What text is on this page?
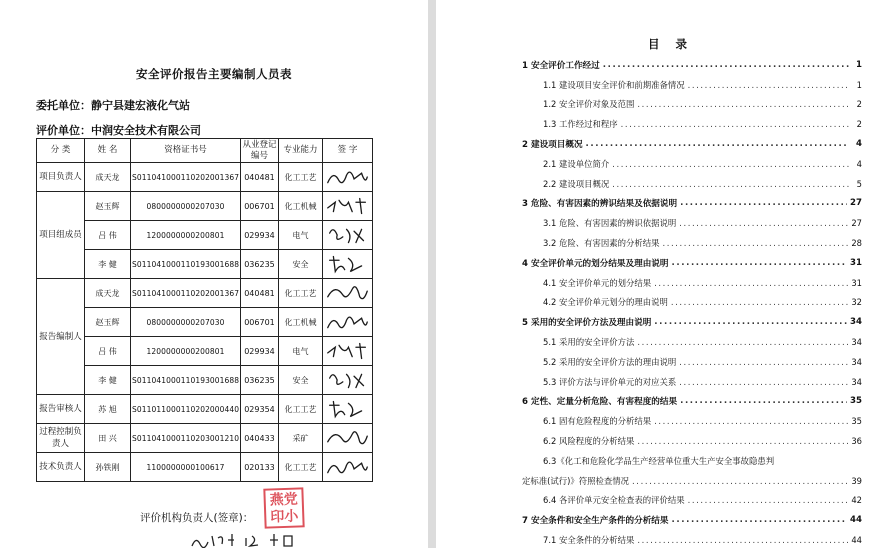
安全评价报告主要编制人员表
委托单位：静宁县建宏液化气站
评价单位：中润安全技术有限公司
分 类	姓 名	资格证书号	从业登记编号	专业能力	签 字
项目负责人	成天龙	S011041000110202001367	040481	化工工艺	

项目组成员	赵玉辉	0800000000207030	006701	化工机械	

	吕 伟	1200000000200801	029934	电气	

	李 健	S011041000110193001688	036235	安全	

报告编制人	成天龙	S011041000110202001367	040481	化工工艺	

	赵玉辉	0800000000207030	006701	化工机械	

	吕 伟	1200000000200801	029934	电气	

	李 健	S011041000110193001688	036235	安全	

报告审核人	苏 旭	S011011000110202000440	029354	化工工艺	

过程控制负责人	田 兴	S011041000110203001210	040433	采矿	

技术负责人	孙铁刚	1100000000100617	020133	化工工艺	
评价机构负责人(签章)：
燕党
印小
目 录
1 安全评价工作经过 .....	1
1.1 建设项目安全评价和前期准备情况 .....	1
1.2 安全评价对象及范围 .....	2
1.3 工作经过和程序 .....	2
2 建设项目概况 .....	4
2.1 建设单位简介 .....	4
2.2 建设项目概况 .....	5
3 危险、有害因素的辨识结果及依据说明 .....	27
3.1 危险、有害因素的辨识依据说明 .....	27
3.2 危险、有害因素的分析结果 .....	28
4 安全评价单元的划分结果及理由说明 .....	31
4.1 安全评价单元的划分结果 .....	31
4.2 安全评价单元划分的理由说明 .....	32
5 采用的安全评价方法及理由说明 .....	34
5.1 采用的安全评价方法 .....	34
5.2 采用的安全评价方法的理由说明 .....	34
5.3 评价方法与评价单元的对应关系 .....	34
6 定性、定量分析危险、有害程度的结果 .....	35
6.1 固有危险程度的分析结果 .....	35
6.2 风险程度的分析结果 .....	36
6.3《化工和危险化学品生产经营单位重大生产安全事故隐患判
定标准(试行)》符照检查情况 .....	39
6.4 各评价单元安全检查表的评价结果 .....	42
7 安全条件和安全生产条件的分析结果 .....	44
7.1 安全条件的分析结果 .....	44
